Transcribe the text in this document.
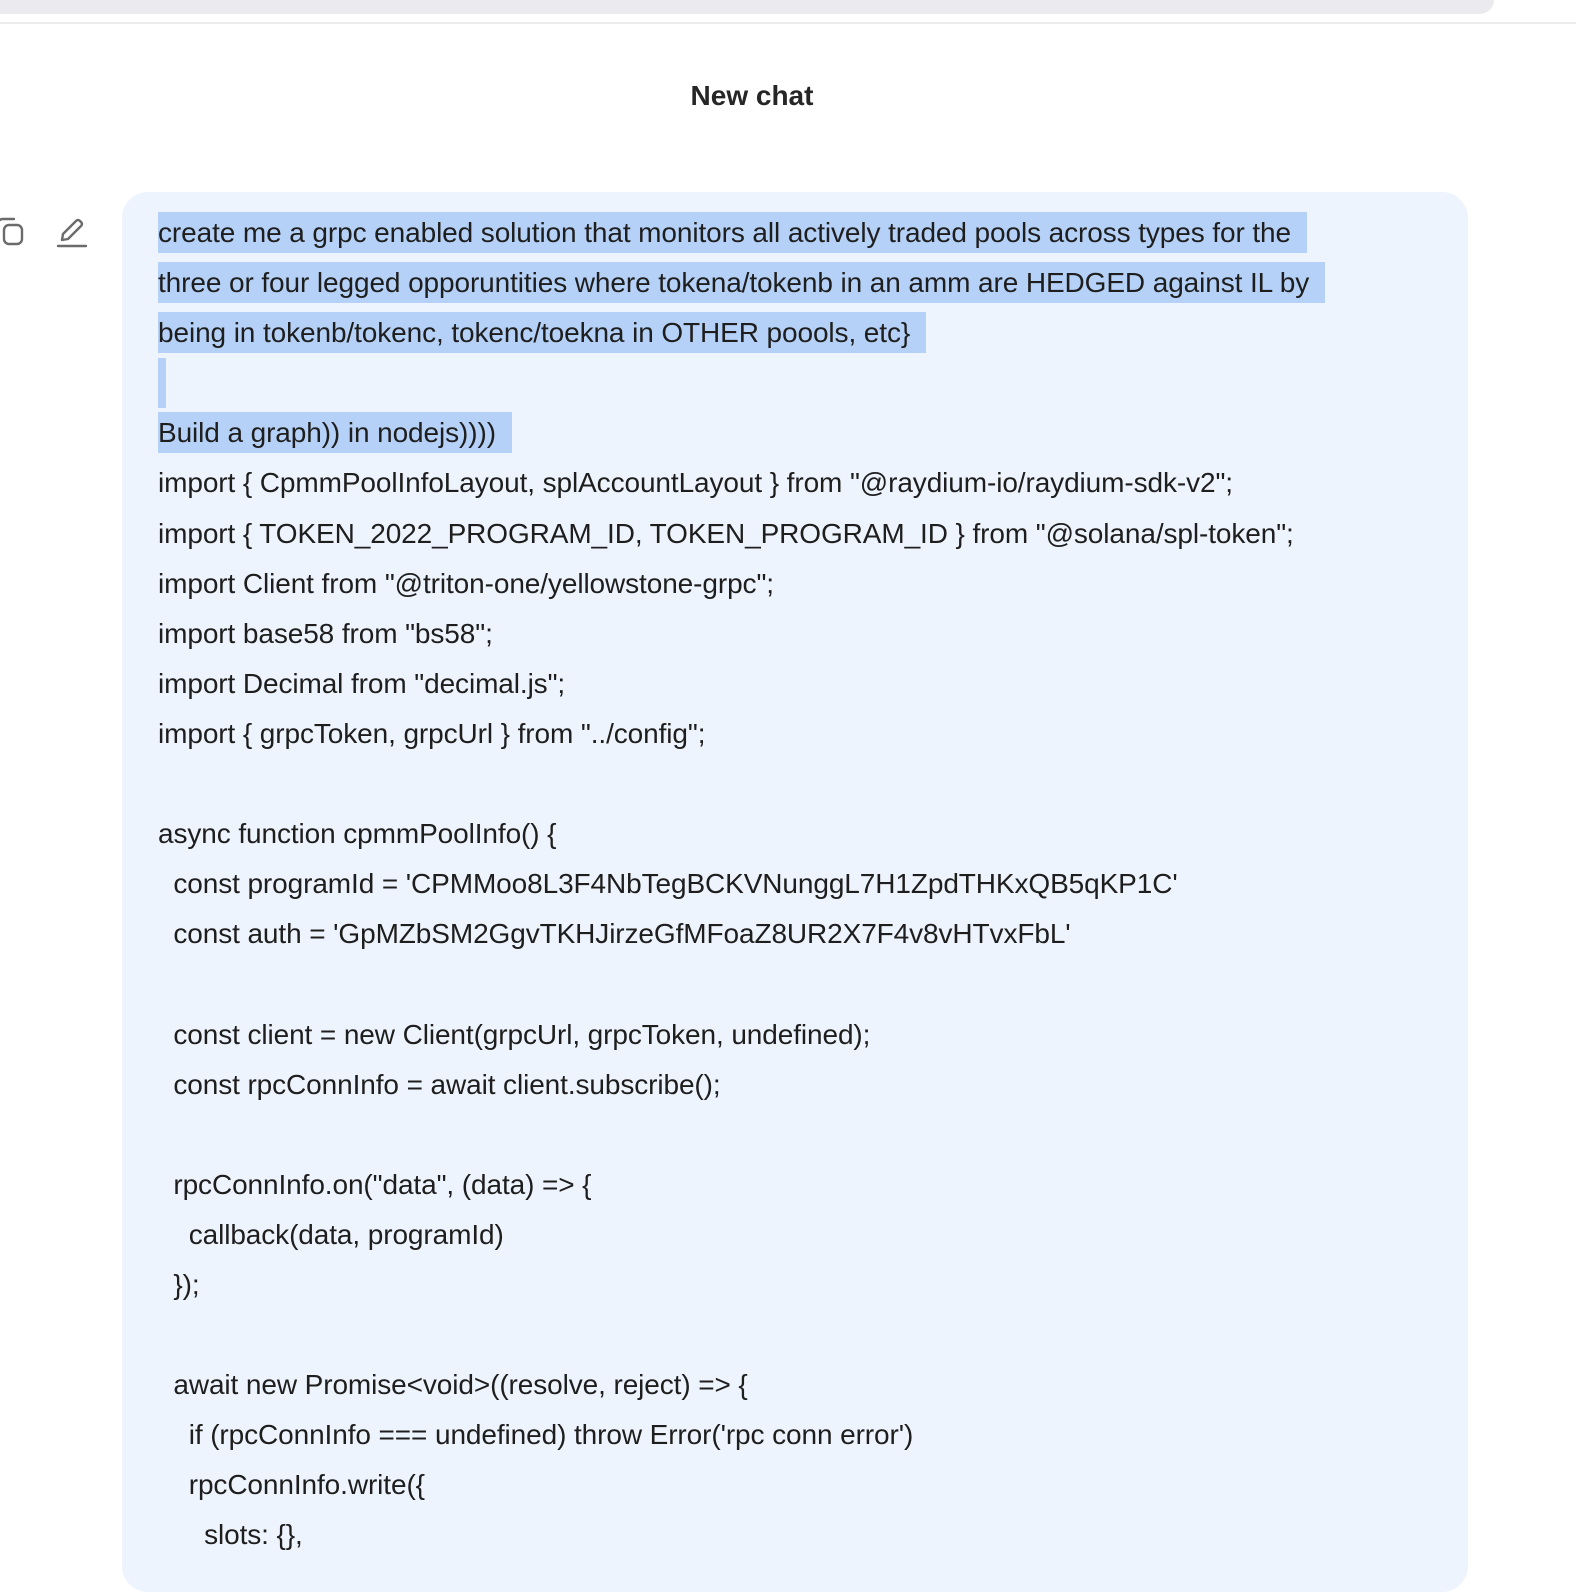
New chat
create me a grpc enabled solution that monitors all actively traded pools across types for the
three or four legged opporuntities where tokena/tokenb in an amm are HEDGED against IL by
being in tokenb/tokenc, tokenc/toekna in OTHER poools, etc}
Build a graph)) in nodejs))))
import { CpmmPoolInfoLayout, splAccountLayout } from "@raydium-io/raydium-sdk-v2";
import { TOKEN_2022_PROGRAM_ID, TOKEN_PROGRAM_ID } from "@solana/spl-token";
import Client from "@triton-one/yellowstone-grpc";
import base58 from "bs58";
import Decimal from "decimal.js";
import { grpcToken, grpcUrl } from "../config";
async function cpmmPoolInfo() {
const programId = 'CPMMoo8L3F4NbTegBCKVNunggL7H1ZpdTHKxQB5qKP1C'
const auth = 'GpMZbSM2GgvTKHJirzeGfMFoaZ8UR2X7F4v8vHTvxFbL'
const client = new Client(grpcUrl, grpcToken, undefined);
const rpcConnInfo = await client.subscribe();
rpcConnInfo.on("data", (data) => {
callback(data, programId)
});
await new Promise<void>((resolve, reject) => {
if (rpcConnInfo === undefined) throw Error('rpc conn error')
rpcConnInfo.write({
slots: {},
